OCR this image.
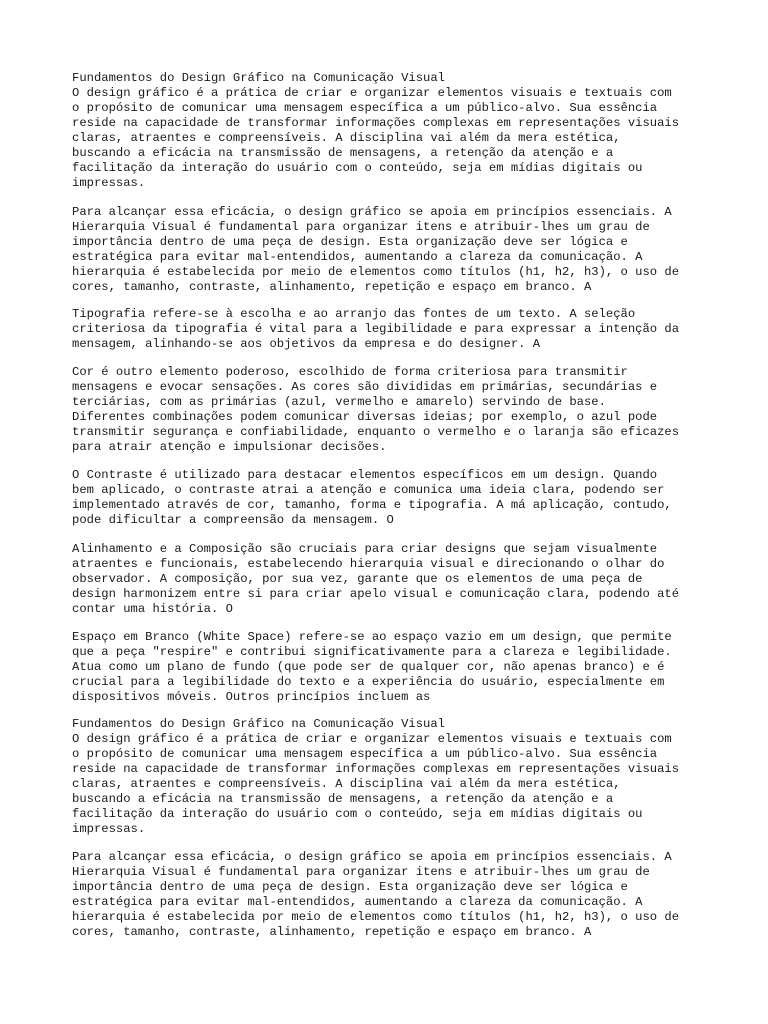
Fundamentos do Design Gráfico na Comunicação Visual

O design gráfico é a prática de criar e organizar elementos visuais e textuais com

o propósito de comunicar uma mensagem específica a um público-alvo. Sua essência

reside na capacidade de transformar informações complexas em representações visuais

claras, atraentes e compreensíveis. A disciplina vai além da mera estética,

buscando a eficácia na transmissão de mensagens, a retenção da atenção e a

facilitação da interação do usuário com o conteúdo, seja em mídias digitais ou

impressas.

Para alcançar essa eficácia, o design gráfico se apoia em princípios essenciais. A

Hierarquia Visual é fundamental para organizar itens e atribuir-lhes um grau de

importância dentro de uma peça de design. Esta organização deve ser lógica e

estratégica para evitar mal-entendidos, aumentando a clareza da comunicação. A

hierarquia é estabelecida por meio de elementos como títulos (h1, h2, h3), o uso de

cores, tamanho, contraste, alinhamento, repetição e espaço em branco. A

Tipografia refere-se à escolha e ao arranjo das fontes de um texto. A seleção

criteriosa da tipografia é vital para a legibilidade e para expressar a intenção da

mensagem, alinhando-se aos objetivos da empresa e do designer. A

Cor é outro elemento poderoso, escolhido de forma criteriosa para transmitir

mensagens e evocar sensações. As cores são divididas em primárias, secundárias e

terciárias, com as primárias (azul, vermelho e amarelo) servindo de base.

Diferentes combinações podem comunicar diversas ideias; por exemplo, o azul pode

transmitir segurança e confiabilidade, enquanto o vermelho e o laranja são eficazes

para atrair atenção e impulsionar decisões.

O Contraste é utilizado para destacar elementos específicos em um design. Quando

bem aplicado, o contraste atrai a atenção e comunica uma ideia clara, podendo ser

implementado através de cor, tamanho, forma e tipografia. A má aplicação, contudo,

pode dificultar a compreensão da mensagem. O

Alinhamento e a Composição são cruciais para criar designs que sejam visualmente

atraentes e funcionais, estabelecendo hierarquia visual e direcionando o olhar do

observador. A composição, por sua vez, garante que os elementos de uma peça de

design harmonizem entre si para criar apelo visual e comunicação clara, podendo até

contar uma história. O

Espaço em Branco (White Space) refere-se ao espaço vazio em um design, que permite

que a peça "respire" e contribui significativamente para a clareza e legibilidade.

Atua como um plano de fundo (que pode ser de qualquer cor, não apenas branco) e é

crucial para a legibilidade do texto e a experiência do usuário, especialmente em

dispositivos móveis. Outros princípios incluem as

Fundamentos do Design Gráfico na Comunicação Visual

O design gráfico é a prática de criar e organizar elementos visuais e textuais com

o propósito de comunicar uma mensagem específica a um público-alvo. Sua essência

reside na capacidade de transformar informações complexas em representações visuais

claras, atraentes e compreensíveis. A disciplina vai além da mera estética,

buscando a eficácia na transmissão de mensagens, a retenção da atenção e a

facilitação da interação do usuário com o conteúdo, seja em mídias digitais ou

impressas.

Para alcançar essa eficácia, o design gráfico se apoia em princípios essenciais. A

Hierarquia Visual é fundamental para organizar itens e atribuir-lhes um grau de

importância dentro de uma peça de design. Esta organização deve ser lógica e

estratégica para evitar mal-entendidos, aumentando a clareza da comunicação. A

hierarquia é estabelecida por meio de elementos como títulos (h1, h2, h3), o uso de

cores, tamanho, contraste, alinhamento, repetição e espaço em branco. A
